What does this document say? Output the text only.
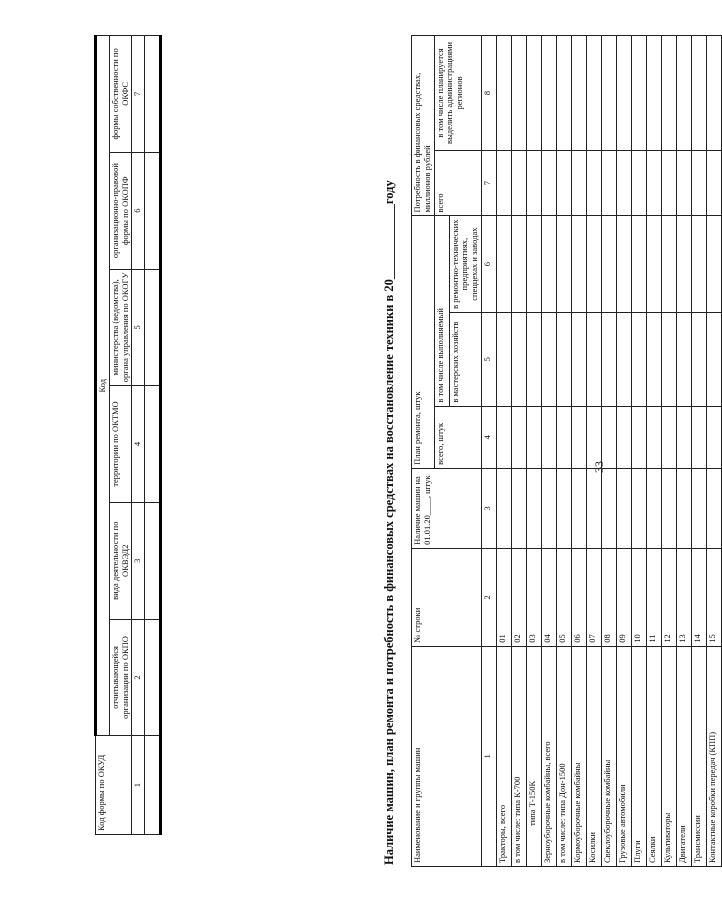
33
Код формы по ОКУД	Код					
	отчитывающейся организации по ОКПО	вида деятельности по ОКВЭД2	территории по ОКТМО	министерства (ведомства), органа управления по ОКОГУ	организационно-правовой формы по ОКОПФ	формы собственности по ОКФС
1	2	3	4	5	6	7

Наличие машин, план ремонта и потребность в финансовых средствах на восстановление техники в 20____________году Наименование и группы машин	№ строки	Наличие машин на 01.01.20____, штук	План ремонта, штук			Потребность в финансовых средствах, миллионов рублей	
			всего, штук	в том числе выполняемый		всего	в том числе планируется выделить администрациями регионов
				в мастерских хозяйств	в ремонтно-технических предприятиях, спеццехах и заводах		
1	2	3	4	5	6	7	8
Тракторы, всего	01						
в том числе: типа К-700	02						
типа Т-150К	03						
Зерноуборочные комбайны, всего	04						
в том числе: типа Дон-1500	05						
Кормоуборочные комбайны	06						
Косилки	07						
Свеклоуборочные комбайны	08						
Грузовые автомобили	09						
Плуги	10						
Сеялки	11						
Культиваторы	12						
Двигатели	13						
Трансмиссии	14						
Контактные коробки передач (КПП)	15						
